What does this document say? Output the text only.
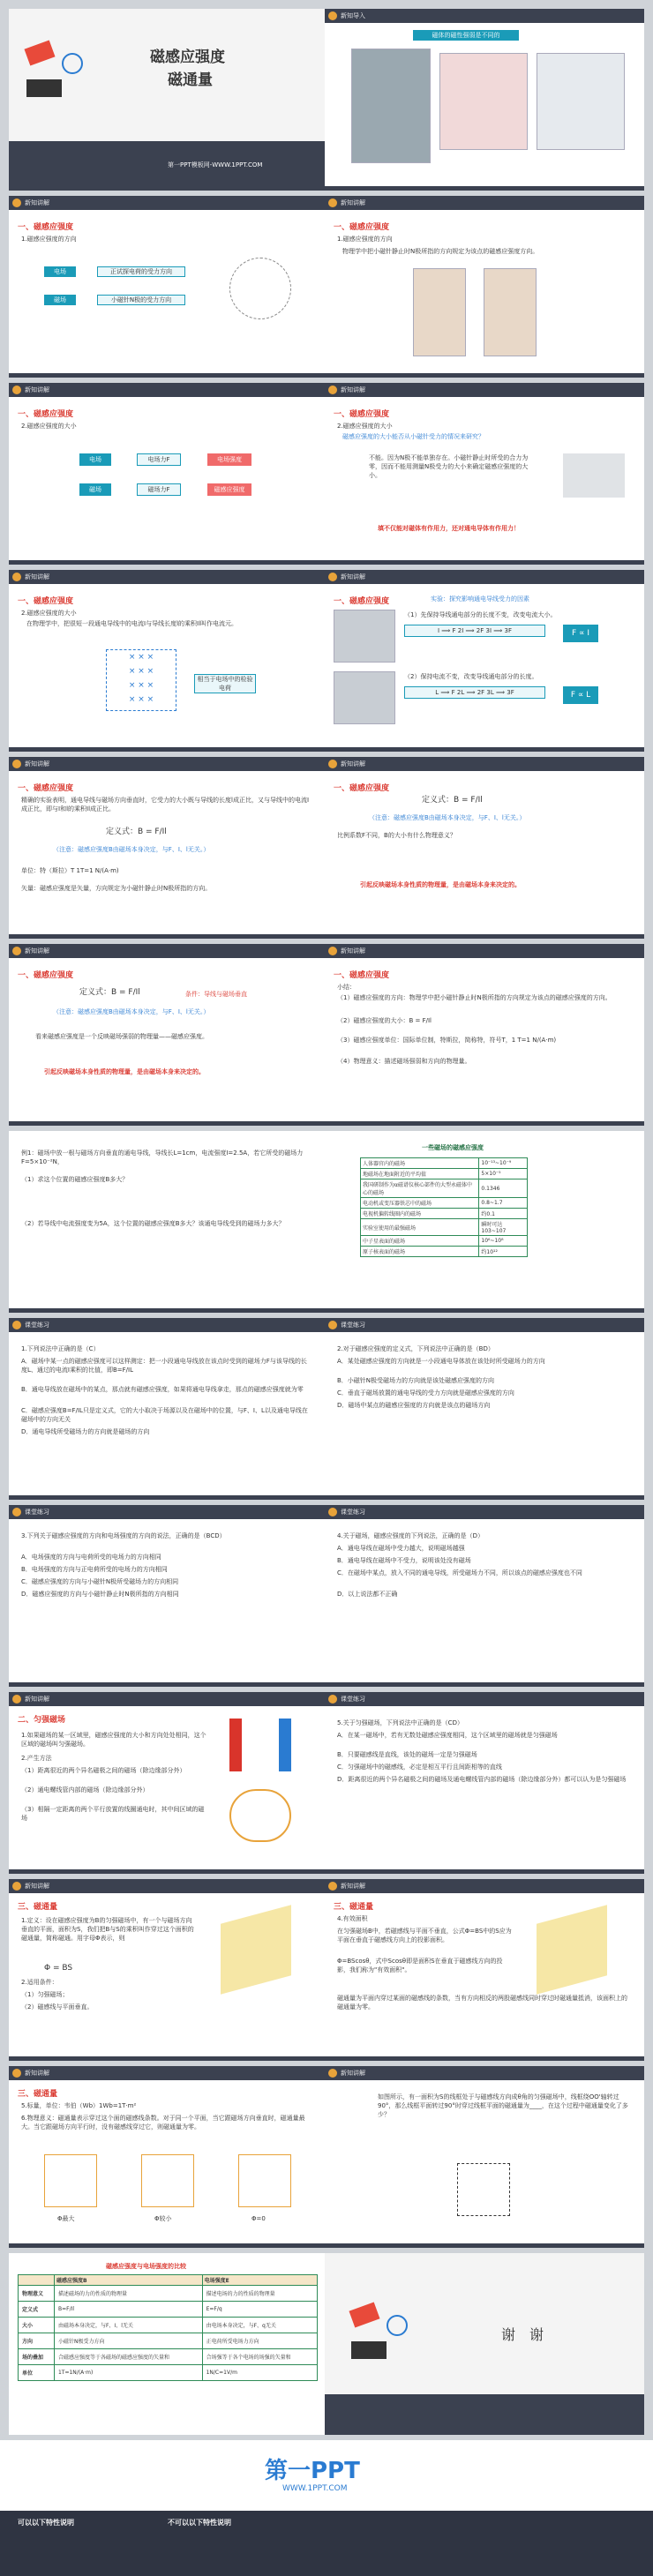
磁感应强度
磁通量
第一PPT模板网-WWW.1PPT.COM
新知导入
磁体的磁性强弱是不同的
新知讲解
一、磁感应强度
1.磁感应强度的方向
电场	正试探电荷的受力方向
磁场	小磁针N极的受力方向
新知讲解
一、磁感应强度
1.磁感应强度的方向
物理学中把小磁针静止时N极所指的方向规定为该点的磁感应强度方向。
新知讲解
一、磁感应强度
2.磁感应强度的大小
电场	电场力F	电场强度
磁场	磁场力F	磁感应强度
新知讲解
一、磁感应强度
2.磁感应强度的大小
磁感应强度的大小能否从小磁针受力的情况来研究？
不能。因为N极不能单独存在。小磁针静止时所受的合力为零，因而不能用测量N极受力的大小来确定磁感应强度的大小。
填不仅能对磁体有作用力，还对通电导体有作用力！
新知讲解
一、磁感应强度
2.磁感应强度的大小
在物理学中，把很短一段通电导线中的电流I与导线长度l的乘积Il叫作电流元。
× × ×
× × ×
× × ×
× × ×
相当于电场中的检验电荷
新知讲解
一、磁感应强度	实验：探究影响通电导线受力的因素
（1）先保持导线通电部分的长度不变，改变电流大小。
I ⟹ F 2I ⟹ 2F 3I ⟹ 3F	F ∝ I
（2）保持电流不变，改变导线通电部分的长度。
L ⟹ F 2L ⟹ 2F 3L ⟹ 3F	F ∝ L
新知讲解
一、磁感应强度
精确的实验表明，通电导线与磁场方向垂直时，它受力的大小既与导线的长度l成正比，又与导线中的电流I成正比，即与I和l的乘积Il成正比。
定义式：B = F/Il
（注意：磁感应强度B由磁场本身决定，与F、I、l无关。）
单位：特（斯拉）T 1T=1 N/(A·m)
矢量：磁感应强度是矢量，方向规定为小磁针静止时N极所指的方向。
新知讲解
一、磁感应强度
定义式：B = F/Il
（注意：磁感应强度B由磁场本身决定，与F、I、l无关。）
比例系数F不同，B的大小有什么物理意义？
引起反映磁场本身性质的物理量，是由磁场本身来决定的。
新知讲解
一、磁感应强度
定义式：B = F/Il	条件：导线与磁场垂直
（注意：磁感应强度B由磁场本身决定，与F、I、l无关。）
看来磁感应强度是一个反映磁场强弱的物理量——磁感应强度。
引起反映磁场本身性质的物理量，是由磁场本身来决定的。
新知讲解
一、磁感应强度
小结：
（1）磁感应强度的方向：物理学中把小磁针静止时N极所指的方向规定为该点的磁感应强度的方向。
（2）磁感应强度的大小：B = F/Il
（3）磁感应强度单位：国际单位制，特斯拉，简称特，符号T，1 T=1 N/(A·m)
（4）物理意义：描述磁场强弱和方向的物理量。
例1：磁场中放一根与磁场方向垂直的通电导线，导线长L=1cm，电流强度I=2.5A，若它所受的磁场力F=5×10⁻²N，
（1）求这个位置的磁感应强度B多大？
（2）若导线中电流强度变为5A，这个位置的磁感应强度B多大？该通电导线受到的磁场力多大？
一些磁场的磁感应强度
人体器官内的磁场	10⁻¹³~10⁻⁹
地磁场在地面附近的平均值	5×10⁻⁵
我国研制作为α磁谱仪核心部件的大型永磁体中心的磁场	0.1346
电动机或变压器铁芯中的磁场	0.8~1.7
电视机偏转线圈内的磁场	约0.1
实验室使用的最强磁场	瞬时可达103~107
中子星表面的磁场	10⁶~10⁸
原子核表面的磁场	约10¹²
课堂练习
1.下列说法中正确的是（C）
A．磁场中某一点的磁感应强度可以这样测定：把一小段通电导线放在该点时受到的磁场力F与该导线的长度L、通过的电流I乘积的比值，即B=F/IL
B．通电导线放在磁场中的某点，那点就有磁感应强度，如果将通电导线拿走，那点的磁感应强度就为零
C．磁感应强度B=F/IL只是定义式，它的大小取决于场源以及在磁场中的位置，与F、I、L以及通电导线在磁场中的方向无关
D．通电导线所受磁场力的方向就是磁场的方向
课堂练习
2.对于磁感应强度的定义式，下列说法中正确的是（BD）
A．某处磁感应强度的方向就是一小段通电导体放在该处时所受磁场力的方向
B．小磁针N极受磁场力的方向就是该处磁感应强度的方向
C．垂直于磁场放置的通电导线的受力方向就是磁感应强度的方向
D．磁场中某点的磁感应强度的方向就是该点的磁场方向
课堂练习
3.下列关于磁感应强度的方向和电场强度的方向的说法，正确的是（BCD）
A．电场强度的方向与电荷所受的电场力的方向相同
B．电场强度的方向与正电荷所受的电场力的方向相同
C．磁感应强度的方向与小磁针N极所受磁场力的方向相同
D．磁感应强度的方向与小磁针静止时N极所指的方向相同
课堂练习
4.关于磁场，磁感应强度的下列说法，正确的是（D）
A．通电导线在磁场中受力越大，说明磁场越强
B．通电导线在磁场中不受力，说明该处没有磁场
C．在磁场中某点，放入不同的通电导线，所受磁场力不同，所以该点的磁感应强度也不同
D．以上说法都不正确
新知讲解
二、匀强磁场
1.如果磁场的某一区域里，磁感应强度的大小和方向处处相同，这个区域的磁场叫匀强磁场。
2.产生方法
（1）距离很近的两个异名磁极之间的磁场（除边缘部分外）
（2）通电螺线管内部的磁场（除边缘部分外）
（3）相隔一定距离的两个平行放置的线圈通电时，其中间区域的磁场
课堂练习
5.关于匀强磁场，下列说法中正确的是（CD）
A．在某一磁场中，若有无数处磁感应强度相同，这个区域里的磁场就是匀强磁场
B．只要磁感线是直线，该处的磁场一定是匀强磁场
C．匀强磁场中的磁感线，必定是相互平行且间距相等的直线
D．距离很近的两个异名磁极之间的磁场及通电螺线管内部的磁场（除边缘部分外）都可以认为是匀强磁场
新知讲解
三、磁通量
1.定义：设在磁感应强度为B的匀强磁场中，有一个与磁场方向垂直的平面，面积为S，我们把B与S的乘积叫作穿过这个面积的磁通量，简称磁通。用字母Φ表示，则
Φ = BS
2.适用条件：
（1）匀强磁场；
（2）磁感线与平面垂直。
新知讲解
三、磁通量
4.有效面积
在匀强磁场B中，若磁感线与平面不垂直，公式Φ=BS中的S应为平面在垂直于磁感线方向上的投影面积。
Φ=BScosθ，式中Scosθ即是面积S在垂直于磁感线方向的投影，我们称为"有效面积"。
磁通量为平面内穿过某面的磁感线的条数，当有方向相反的两股磁感线同时穿过时磁通量抵消，该面积上的磁通量为零。
新知讲解
三、磁通量
5.标量，单位：韦伯（Wb）1Wb=1T·m²
6.物理意义：磁通量表示穿过这个面的磁感线条数。对于同一个平面，当它跟磁场方向垂直时，磁通量最大。当它跟磁场方向平行时，没有磁感线穿过它，则磁通量为零。
Φ最大	Φ较小	Φ=0
新知讲解
如图所示，有一面积为S的线框处于与磁感线方向成θ角的匀强磁场中，线框绕OO'轴转过90°，那么线框平面转过90°时穿过线框平面的磁通量为____，在这个过程中磁通量变化了多少？
磁感应强度与电场强度的比较
	磁感应强度B	电场强度E
物理意义	描述磁场的力的性质的物理量	描述电场的力的性质的物理量
定义式	B=F/Il	E=F/q
大小	由磁场本身决定，与F、I、l无关	由电场本身决定，与F、q无关
方向	小磁针N极受力方向	正电荷所受电场力方向
场的叠加	合磁感应强度等于各磁场的磁感应强度的矢量和	合场强等于各个电场的场强的矢量和
单位	1T=1N/(A·m)	1N/C=1V/m
谢　谢
第一PPT
WWW.1PPT.COM
可以以下特性说明	不可以以下特性说明
